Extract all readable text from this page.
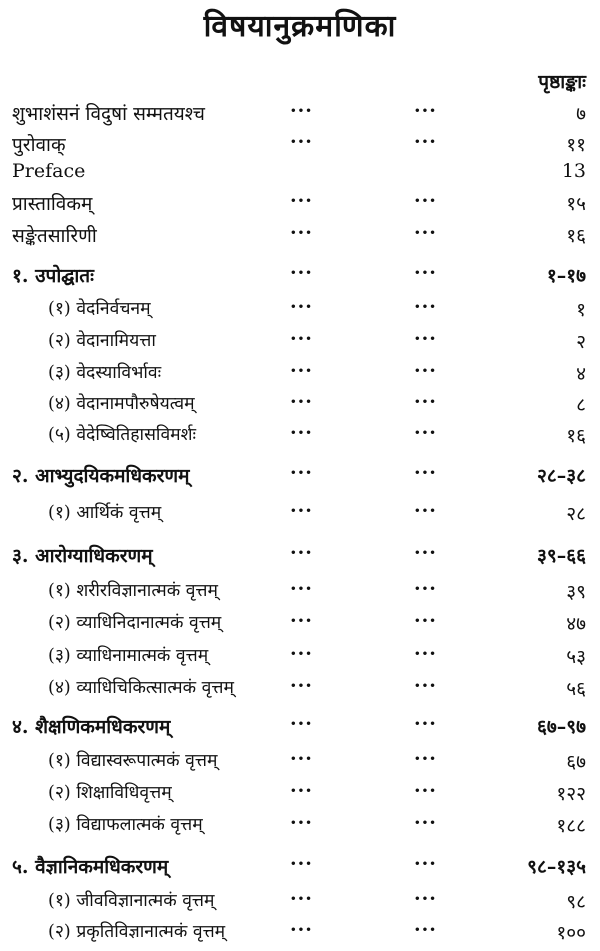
विषयानुक्रमणिका
पृष्ठाङ्काः
शुभाशंसनं विदुषां सम्मतयश्च	···	···	७
पुरोवाक्	···	···	११
Preface	13
प्रास्ताविकम्	···	···	१५
सङ्केतसारिणी	···	···	१६
१. उपोद्घातः	···	···	१–१७
(१) वेदनिर्वचनम्	···	···	१
(२) वेदानामियत्ता	···	···	२
(३) वेदस्याविर्भावः	···	···	४
(४) वेदानामपौरुषेयत्वम्	···	···	८
(५) वेदेष्वितिहासविमर्शः	···	···	१६
२. आभ्युदयिकमधिकरणम्	···	···	२८–३८
(१) आर्थिकं वृत्तम्	···	···	२८
३. आरोग्याधिकरणम्	···	···	३९–६६
(१) शरीरविज्ञानात्मकं वृत्तम्	···	···	३९
(२) व्याधिनिदानात्मकं वृत्तम्	···	···	४७
(३) व्याधिनामात्मकं वृत्तम्	···	···	५३
(४) व्याधिचिकित्सात्मकं वृत्तम्	···	···	५६
४. शैक्षणिकमधिकरणम्	···	···	६७–९७
(१) विद्यास्वरूपात्मकं वृत्तम्	···	···	६७
(२) शिक्षाविधिवृत्तम्	···	···	१२२
(३) विद्याफलात्मकं वृत्तम्	···	···	१८८
५. वैज्ञानिकमधिकरणम्	···	···	९८–१३५
(१) जीवविज्ञानात्मकं वृत्तम्	···	···	९८
(२) प्रकृतिविज्ञानात्मकं वृत्तम्	···	···	१००
